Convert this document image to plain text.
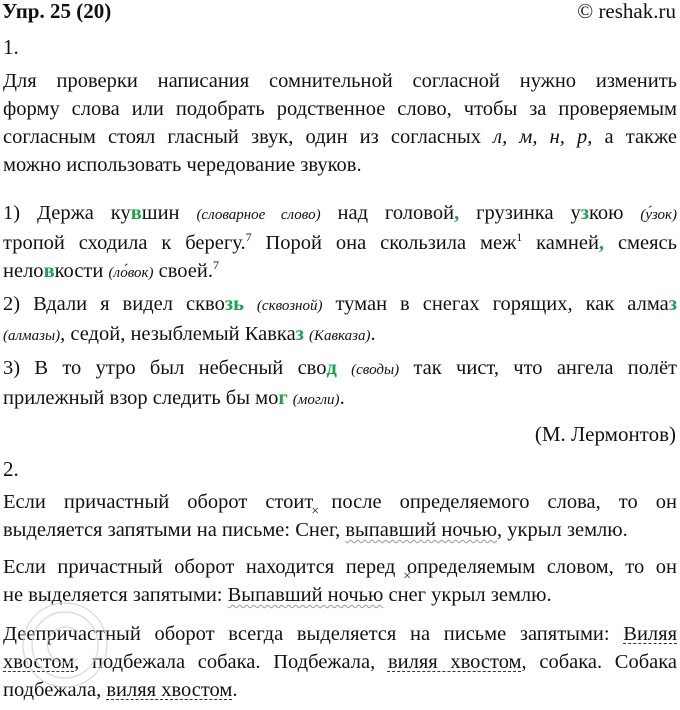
Упр. 25 (20)	© reshak.ru
1.
Для проверки написания сомнительной согласной нужно изменить
форму слова или подобрать родственное слово, чтобы за проверяемым
согласным стоял гласный звук, один из согласных л, м, н, р, а также
можно использовать чередование звуков.
1) Держа кувшин (словарное слово) над головой, грузинка узкою (у́зок)
тропой сходила к берегу.$^7$ Порой она скользила меж$^1$ камней, смеясь
неловкости (ло́вок) своей.$^7$
2) Вдали я видел сквозь (сквозной) туман в снегах горящих, как алмаз
(алмазы), седой, незыблемый Кавказ (Кавказа).
3) В то утро был небесный свод (своды) так чист, что ангела полёт
прилежный взор следить бы мог (могли).
(М. Лермонтов)
2.
Если причастный оборот стоит после определяемого слова, то он
выделяется запятыми на письме: × Снег, выпавший ночью, укрыл землю.
Если причастный оборот находится перед определяемым словом, то он
не выделяется запятыми: Выпавший ночью × снег укрыл землю.
Деепричастный оборот всегда выделяется на письме запятыми: Виляя
хвостом, подбежала собака. Подбежала, виляя хвостом, собака. Собака
подбежала, виляя хвостом.
